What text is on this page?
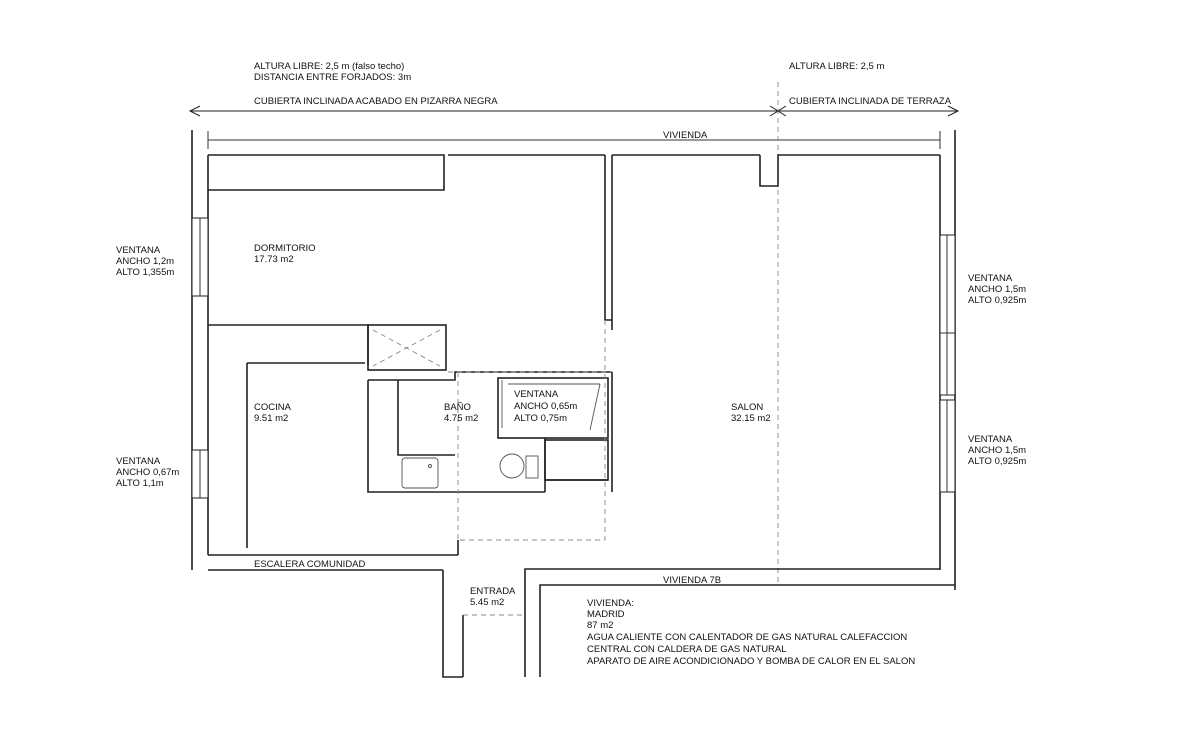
ALTURA LIBRE: 2,5 m (falso techo)
DISTANCIA ENTRE FORJADOS: 3m
ALTURA LIBRE: 2,5 m
CUBIERTA INCLINADA ACABADO EN PIZARRA NEGRA	CUBIERTA INCLINADA DE TERRAZA
VIVIENDA
DORMITORIO
17.73 m2
COCINA
9.51 m2
BAÑO
4.75 m2
SALON
32.15 m2
ENTRADA
5.45 m2
VENTANA
ANCHO 1,2m
ALTO 1,355m
VENTANA
ANCHO 0,67m
ALTO 1,1m
VENTANA
ANCHO 0,65m
ALTO 0,75m
VENTANA
ANCHO 1,5m
ALTO 0,925m
VENTANA
ANCHO 1,5m
ALTO 0,925m
ESCALERA COMUNIDAD
VIVIENDA 7B
VIVIENDA:
MADRID
87 m2
AGUA CALIENTE CON CALENTADOR DE GAS NATURAL CALEFACCION
CENTRAL CON CALDERA DE GAS NATURAL
APARATO DE AIRE ACONDICIONADO Y BOMBA DE CALOR EN EL SALON
